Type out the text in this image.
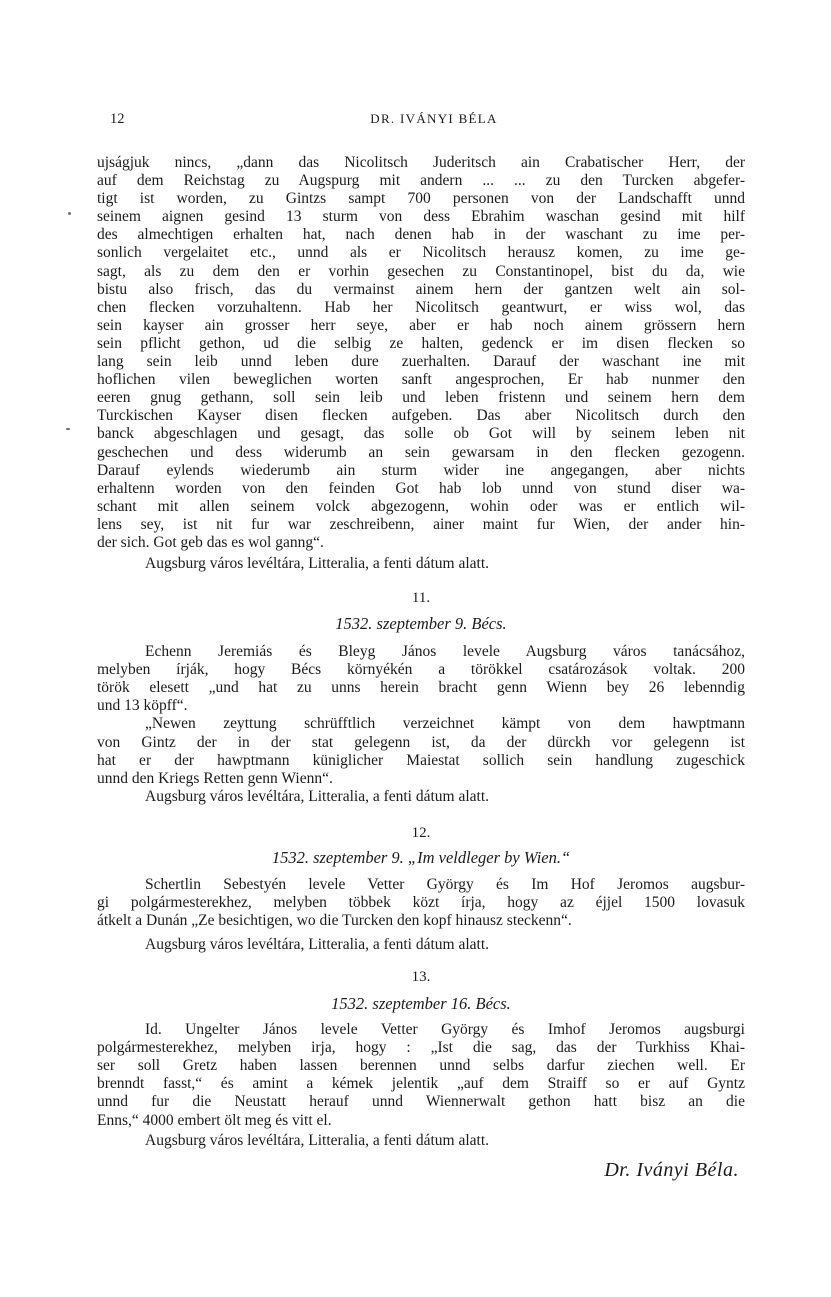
12	DR. IVÁNYI BÉLA
ujságjuk nincs, „dann das Nicolitsch Juderitsch ain Crabatischer Herr, der
auf dem Reichstag zu Augspurg mit andern ... ... zu den Turcken abgefer-
tigt ist worden, zu Gintzs sampt 700 personen von der Landschafft unnd
seinem aignen gesind 13 sturm von dess Ebrahim waschan gesind mit hilf
des almechtigen erhalten hat, nach denen hab in der waschant zu ime per-
sonlich vergelaitet etc., unnd als er Nicolitsch herausz komen, zu ime ge-
sagt, als zu dem den er vorhin gesechen zu Constantinopel, bist du da, wie
bistu also frisch, das du vermainst ainem hern der gantzen welt ain sol-
chen flecken vorzuhaltenn. Hab her Nicolitsch geantwurt, er wiss wol, das
sein kayser ain grosser herr seye, aber er hab noch ainem grössern hern
sein pflicht gethon, ud die selbig ze halten, gedenck er im disen flecken so
lang sein leib unnd leben dure zuerhalten. Darauf der waschant ine mit
hoflichen vilen beweglichen worten sanft angesprochen, Er hab nunmer den
eeren gnug gethann, soll sein leib und leben fristenn und seinem hern dem
Turckischen Kayser disen flecken aufgeben. Das aber Nicolitsch durch den
banck abgeschlagen und gesagt, das solle ob Got will by seinem leben nit
geschechen und dess widerumb an sein gewarsam in den flecken gezogenn.
Darauf eylends wiederumb ain sturm wider ine angegangen, aber nichts
erhaltenn worden von den feinden Got hab lob unnd von stund diser wa-
schant mit allen seinem volck abgezogenn, wohin oder was er entlich wil-
lens sey, ist nit fur war zeschreibenn, ainer maint fur Wien, der ander hin-
der sich. Got geb das es wol ganng“.
Augsburg város levéltára, Litteralia, a fenti dátum alatt.
11.
1532. szeptember 9. Bécs.
Echenn Jeremiás és Bleyg János levele Augsburg város tanácsához,
melyben írják, hogy Bécs környékén a törökkel csatározások voltak. 200
török elesett „und hat zu unns herein bracht genn Wienn bey 26 lebenndig
und 13 köpff“.
„Newen zeyttung schrüfftlich verzeichnet kämpt von dem hawptmann
von Gintz der in der stat gelegenn ist, da der dürckh vor gelegenn ist
hat er der hawptmann küniglicher Maiestat sollich sein handlung zugeschick
unnd den Kriegs Retten genn Wienn“.
Augsburg város levéltára, Litteralia, a fenti dátum alatt.
12.
1532. szeptember 9. „Im veldleger by Wien.“
Schertlin Sebestyén levele Vetter György és Im Hof Jeromos augsbur-
gi polgármesterekhez, melyben többek közt írja, hogy az éjjel 1500 lovasuk
átkelt a Dunán „Ze besichtigen, wo die Turcken den kopf hinausz steckenn“.
Augsburg város levéltára, Litteralia, a fenti dátum alatt.
13.
1532. szeptember 16. Bécs.
Id. Ungelter János levele Vetter György és Imhof Jeromos augsburgi
polgármesterekhez, melyben irja, hogy : „Ist die sag, das der Turkhiss Khai-
ser soll Gretz haben lassen berennen unnd selbs darfur ziechen well. Er
brenndt fasst,“ és amint a kémek jelentik „auf dem Straiff so er auf Gyntz
unnd fur die Neustatt herauf unnd Wiennerwalt gethon hatt bisz an die
Enns,“ 4000 embert ölt meg és vitt el.
Augsburg város levéltára, Litteralia, a fenti dátum alatt.
Dr. Iványi Béla.
